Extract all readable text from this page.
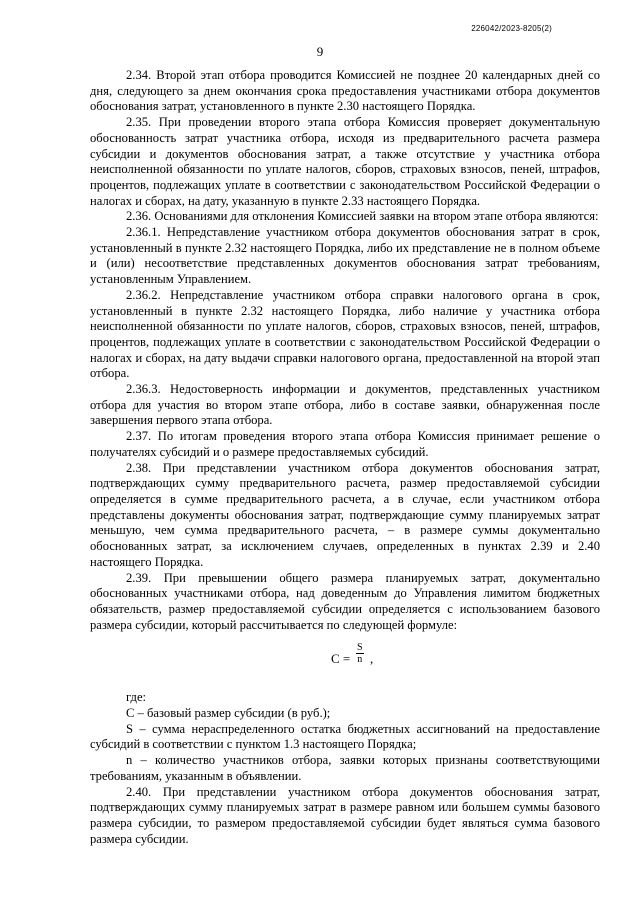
226042/2023-8205(2)
9

2.34. Второй этап отбора проводится Комиссией не позднее 20 календарных дней со дня, следующего за днем окончания срока предоставления участниками отбора документов обоснования затрат, установленного в пункте 2.30 настоящего Порядка.

2.35. При проведении второго этапа отбора Комиссия проверяет документальную обоснованность затрат участника отбора, исходя из предварительного расчета размера субсидии и документов обоснования затрат, а также отсутствие у участника отбора неисполненной обязанности по уплате налогов, сборов, страховых взносов, пеней, штрафов, процентов, подлежащих уплате в соответствии с законодательством Российской Федерации о налогах и сборах, на дату, указанную в пункте 2.33 настоящего Порядка.

2.36. Основаниями для отклонения Комиссией заявки на втором этапе отбора являются:

2.36.1. Непредставление участником отбора документов обоснования затрат в срок, установленный в пункте 2.32 настоящего Порядка, либо их представление не в полном объеме и (или) несоответствие представленных документов обоснования затрат требованиям, установленным Управлением.

2.36.2. Непредставление участником отбора справки налогового органа в срок, установленный в пункте 2.32 настоящего Порядка, либо наличие у участника отбора неисполненной обязанности по уплате налогов, сборов, страховых взносов, пеней, штрафов, процентов, подлежащих уплате в соответствии с законодательством Российской Федерации о налогах и сборах, на дату выдачи справки налогового органа, предоставленной на второй этап отбора.

2.36.3. Недостоверность информации и документов, представленных участником отбора для участия во втором этапе отбора, либо в составе заявки, обнаруженная после завершения первого этапа отбора.

2.37. По итогам проведения второго этапа отбора Комиссия принимает решение о получателях субсидий и о размере предоставляемых субсидий.

2.38. При представлении участником отбора документов обоснования затрат, подтверждающих сумму предварительного расчета, размер предоставляемой субсидии определяется в сумме предварительного расчета, а в случае, если участником отбора представлены документы обоснования затрат, подтверждающие сумму планируемых затрат меньшую, чем сумма предварительного расчета, – в размере суммы документально обоснованных затрат, за исключением случаев, определенных в пунктах 2.39 и 2.40 настоящего Порядка.

2.39. При превышении общего размера планируемых затрат, документально обоснованных участниками отбора, над доведенным до Управления лимитом бюджетных обязательств, размер предоставляемой субсидии определяется с использованием базового размера субсидии, который рассчитывается по следующей формуле:

$С = \frac{S}{n}$ ,

где:

С – базовый размер субсидии (в руб.);

S – сумма нераспределенного остатка бюджетных ассигнований на предоставление субсидий в соответствии с пунктом 1.3 настоящего Порядка;

n – количество участников отбора, заявки которых признаны соответствующими требованиям, указанным в объявлении.

2.40. При представлении участником отбора документов обоснования затрат, подтверждающих сумму планируемых затрат в размере равном или большем суммы базового размера субсидии, то размером предоставляемой субсидии будет являться сумма базового размера субсидии.
